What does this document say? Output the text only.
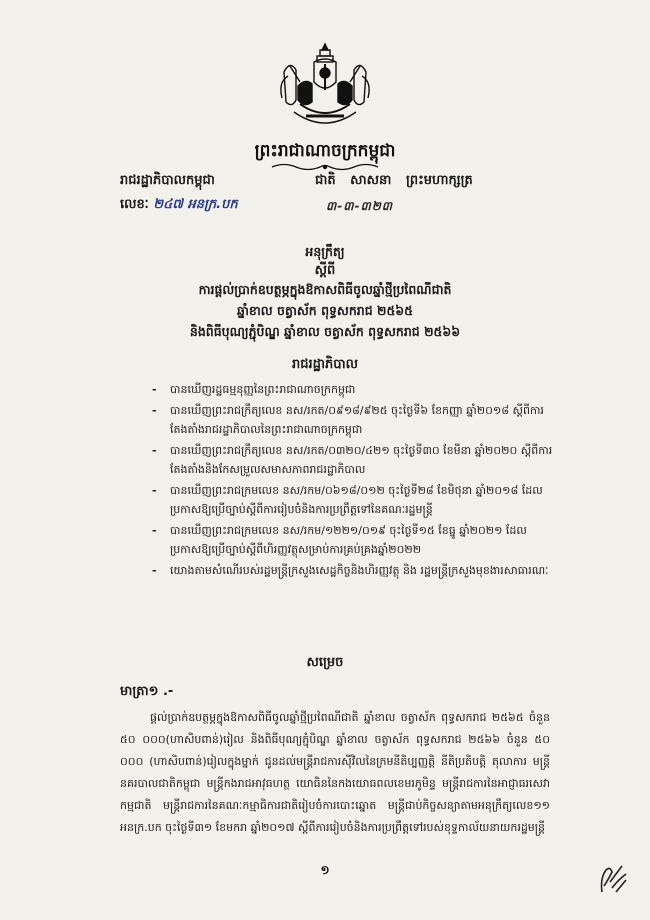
ព្រះរាជាណាចក្រកម្ពុជា
រាជរដ្ឋាភិបាលកម្ពុជា	ជាតិ សាសនា ព្រះមហាក្សត្រ
លេខៈ ២៤៧ អនក្រ.បក	៣-៣-៣២៣
អនុក្រឹត្យ
ស្ដីពី
ការផ្ដល់ប្រាក់ឧបត្ថម្ភក្នុងឱកាសពិធីចូលឆ្នាំថ្មីប្រពៃណីជាតិ
ឆ្នាំខាល ចត្វាស័ក ពុទ្ធសករាជ ២៥៦៥
និងពិធីបុណ្យភ្ជុំបិណ្ឌ ឆ្នាំខាល ចត្វាស័ក ពុទ្ធសករាជ ២៥៦៦
រាជរដ្ឋាភិបាល
- បានឃើញរដ្ឋធម្មនុញ្ញនៃព្រះរាជាណាចក្រកម្ពុជា
- បានឃើញព្រះរាជក្រឹត្យលេខ នស/រកត/០៩១៨/៩២៥ ចុះថ្ងៃទី៦ ខែកញ្ញា ឆ្នាំ២០១៨ ស្ដីពីការតែងតាំងរាជរដ្ឋាភិបាលនៃព្រះរាជាណាចក្រកម្ពុជា
- បានឃើញព្រះរាជក្រឹត្យលេខ នស/រកត/០៣២០/៤២១ ចុះថ្ងៃទី៣០ ខែមីនា ឆ្នាំ២០២០ ស្ដីពីការតែងតាំងនិងកែសម្រួលសមាសភាពរាជរដ្ឋាភិបាល
- បានឃើញព្រះរាជក្រមលេខ នស/រកម/០៦១៨/០១២ ចុះថ្ងៃទី២៨ ខែមិថុនា ឆ្នាំ២០១៨ ដែលប្រកាសឱ្យប្រើច្បាប់ស្ដីពីការរៀបចំនិងការប្រព្រឹត្តទៅនៃគណៈរដ្ឋមន្ត្រី
- បានឃើញព្រះរាជក្រមលេខ នស/រកម/១២២១/០១៩ ចុះថ្ងៃទី១៥ ខែធ្នូ ឆ្នាំ២០២១ ដែលប្រកាសឱ្យប្រើច្បាប់ស្ដីពីហិរញ្ញវត្ថុសម្រាប់ការគ្រប់គ្រងឆ្នាំ២០២២
- យោងតាមសំណើរបស់រដ្ឋមន្ត្រីក្រសួងសេដ្ឋកិច្ចនិងហិរញ្ញវត្ថុ និង រដ្ឋមន្ត្រីក្រសួងមុខងារសាធារណៈ
សម្រេច
មាត្រា១ .-

ផ្ដល់ប្រាក់ឧបត្ថម្ភក្នុងឱកាសពិធីចូលឆ្នាំថ្មីប្រពៃណីជាតិ ឆ្នាំខាល ចត្វាស័ក ពុទ្ធសករាជ ២៥៦៥ ចំនួន ៥០ ០០០(ហាសិបពាន់)រៀល និងពិធីបុណ្យភ្ជុំបិណ្ឌ ឆ្នាំខាល ចត្វាស័ក ពុទ្ធសករាជ ២៥៦៦ ចំនួន ៥០ ០០០ (ហាសិបពាន់)រៀលក្នុងម្នាក់ ជូនដល់មន្ត្រីរាជការស៊ីវិលនៃក្រមនីតិប្បញ្ញត្តិ នីតិប្រតិបត្តិ តុលាការ មន្ត្រីនគរបាលជាតិកម្ពុជា មន្ត្រីកងរាជអាវុធហត្ថ យោធិននៃកងយោធពលខេមរភូមិន្ទ មន្ត្រីរាជការនៃអាជ្ញាធរសេវាកម្មជាតិ មន្ត្រីរាជការនៃគណៈកម្មាធិការជាតិរៀបចំការបោះឆ្នោត មន្ត្រីជាប់កិច្ចសន្យាតាមអនុក្រឹត្យលេខ១១ អនក្រ.បក ចុះថ្ងៃទី៣១ ខែមករា ឆ្នាំ២០១៧ ស្ដីពីការរៀបចំនិងការប្រព្រឹត្តទៅរបស់ខុទ្ទកាល័យនាយករដ្ឋមន្ត្រី

១
